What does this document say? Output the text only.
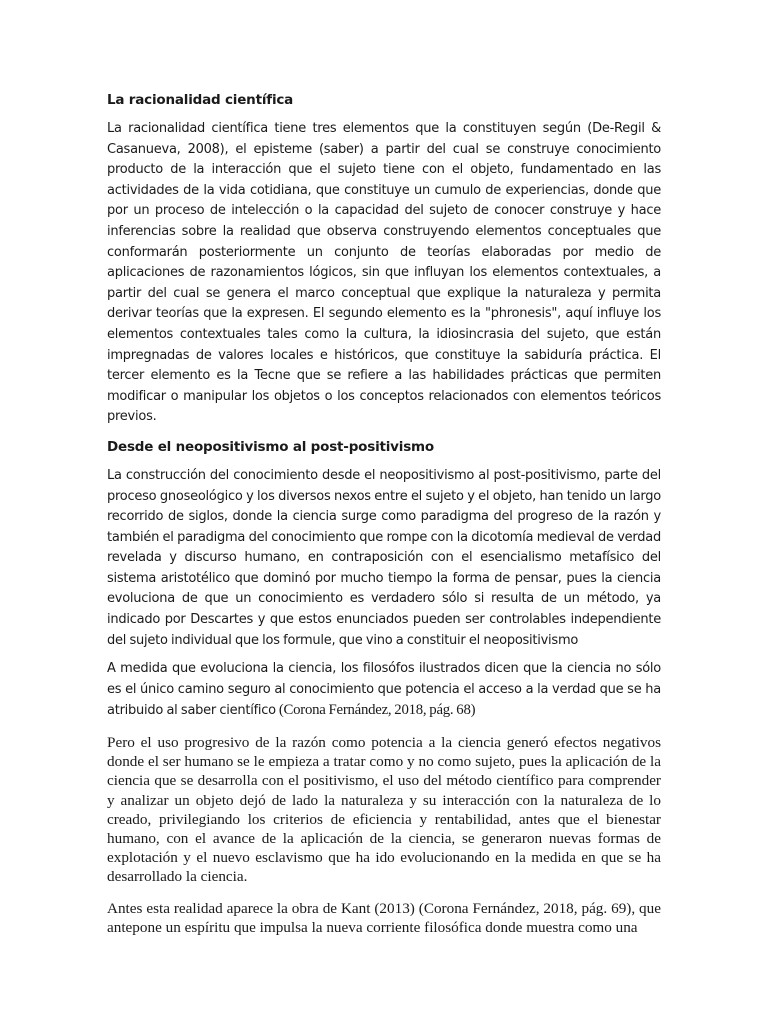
La racionalidad científica

La racionalidad científica tiene tres elementos que la constituyen según (De-Regil & Casanueva, 2008), el episteme (saber) a partir del cual se construye conocimiento producto de la interacción que el sujeto tiene con el objeto, fundamentado en las actividades de la vida cotidiana, que constituye un cumulo de experiencias, donde que por un proceso de intelección o la capacidad del sujeto de conocer construye y hace inferencias sobre la realidad que observa construyendo elementos conceptuales que conformarán posteriormente un conjunto de teorías elaboradas por medio de aplicaciones de razonamientos lógicos, sin que influyan los elementos contextuales, a partir del cual se genera el marco conceptual que explique la naturaleza y permita derivar teorías que la expresen. El segundo elemento es la "phronesis", aquí influye los elementos contextuales tales como la cultura, la idiosincrasia del sujeto, que están impregnadas de valores locales e históricos, que constituye la sabiduría práctica. El tercer elemento es la Tecne que se refiere a las habilidades prácticas que permiten modificar o manipular los objetos o los conceptos relacionados con elementos teóricos previos.

Desde el neopositivismo al post-positivismo

La construcción del conocimiento desde el neopositivismo al post-positivismo, parte del proceso gnoseológico y los diversos nexos entre el sujeto y el objeto, han tenido un largo recorrido de siglos, donde la ciencia surge como paradigma del progreso de la razón y también el paradigma del conocimiento que rompe con la dicotomía medieval de verdad revelada y discurso humano, en contraposición con el esencialismo metafísico del sistema aristotélico que dominó por mucho tiempo la forma de pensar, pues la ciencia evoluciona de que un conocimiento es verdadero sólo si resulta de un método, ya indicado por Descartes y que estos enunciados pueden ser controlables independiente del sujeto individual que los formule, que vino a constituir el neopositivismo

A medida que evoluciona la ciencia, los filosófos ilustrados dicen que la ciencia no sólo es el único camino seguro al conocimiento que potencia el acceso a la verdad que se ha atribuido al saber científico (Corona Fernández, 2018, pág. 68)

Pero el uso progresivo de la razón como potencia a la ciencia generó efectos negativos donde el ser humano se le empieza a tratar como y no como sujeto, pues la aplicación de la ciencia que se desarrolla con el positivismo, el uso del método científico para comprender y analizar un objeto dejó de lado la naturaleza y su interacción con la naturaleza de lo creado, privilegiando los criterios de eficiencia y rentabilidad, antes que el bienestar humano, con el avance de la aplicación de la ciencia, se generaron nuevas formas de explotación y el nuevo esclavismo que ha ido evolucionando en la medida en que se ha desarrollado la ciencia.

Antes esta realidad aparece la obra de Kant (2013) (Corona Fernández, 2018, pág. 69), que antepone un espíritu que impulsa la nueva corriente filosófica donde muestra como una
